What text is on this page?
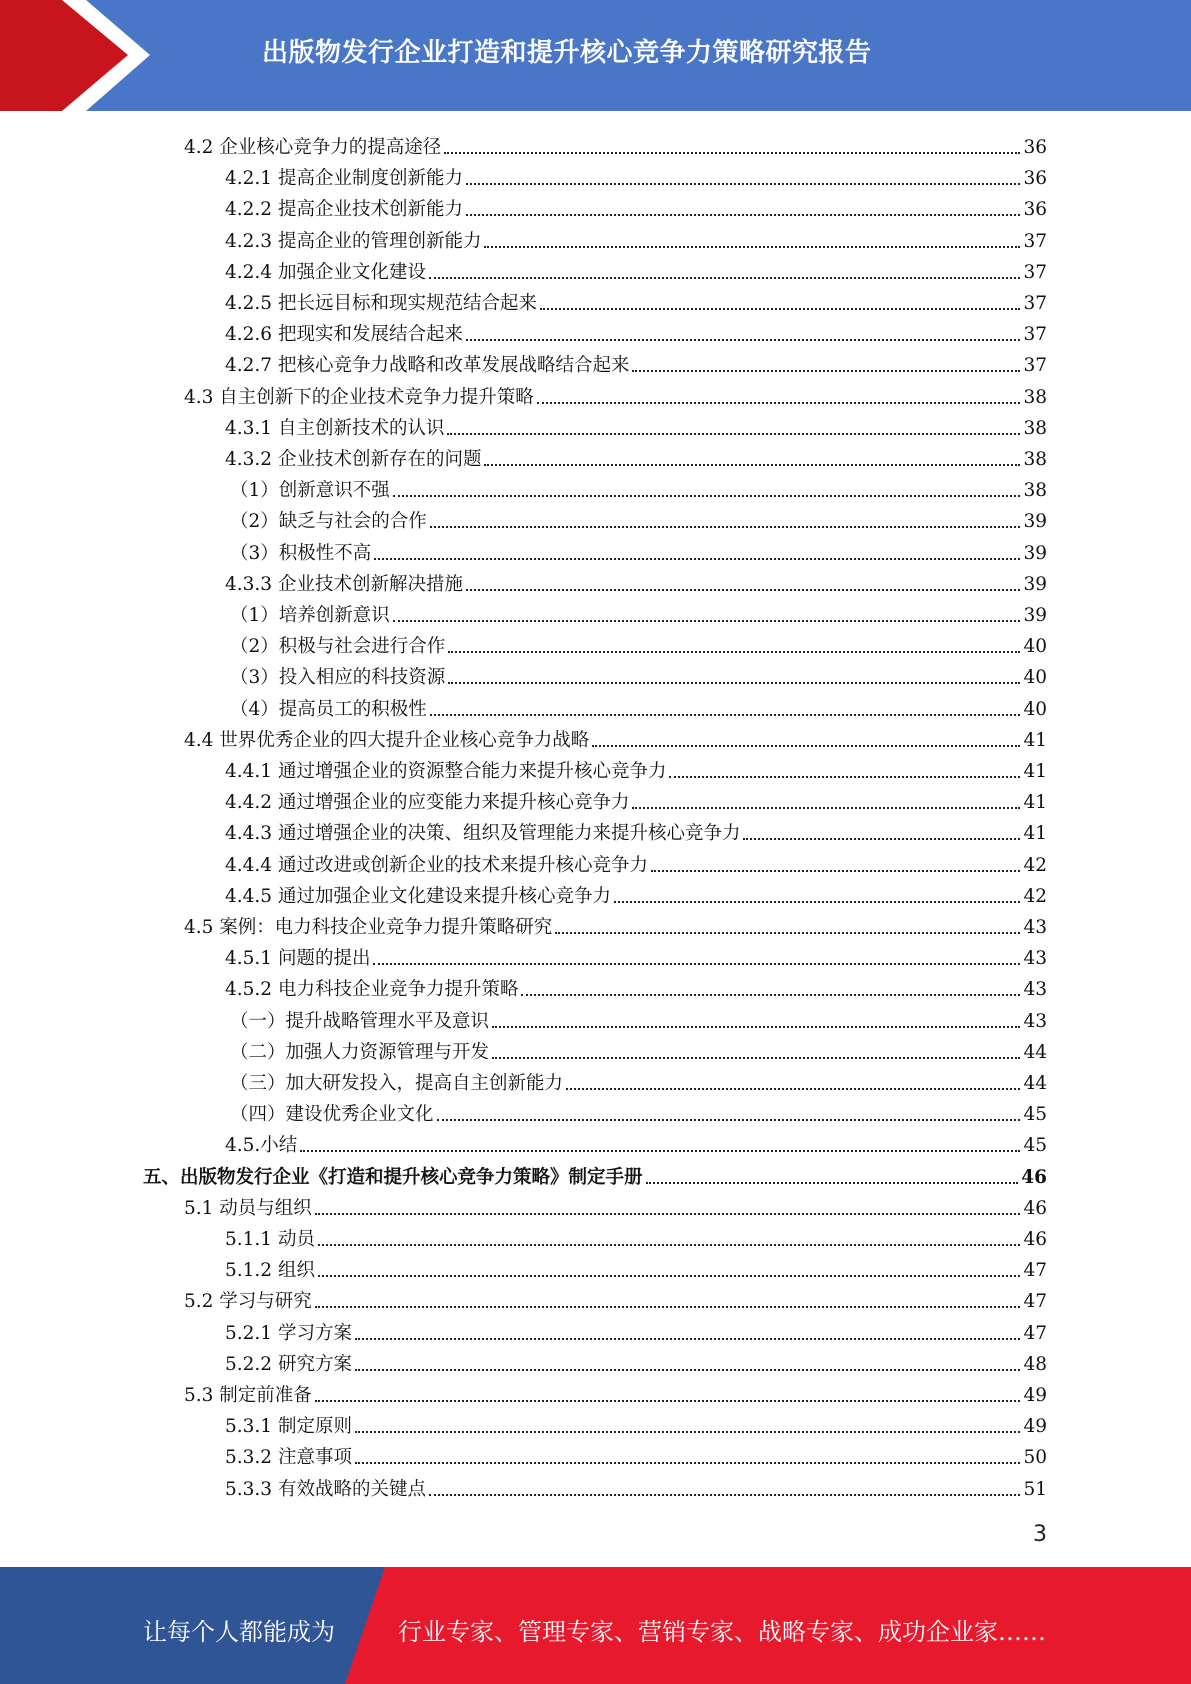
出版物发行企业打造和提升核心竞争力策略研究报告
4.2 企业核心竞争力的提高途径	36
4.2.1 提高企业制度创新能力	36
4.2.2 提高企业技术创新能力	36
4.2.3 提高企业的管理创新能力	37
4.2.4 加强企业文化建设	37
4.2.5 把长远目标和现实规范结合起来	37
4.2.6 把现实和发展结合起来	37
4.2.7 把核心竞争力战略和改革发展战略结合起来	37
4.3 自主创新下的企业技术竞争力提升策略	38
4.3.1 自主创新技术的认识	38
4.3.2 企业技术创新存在的问题	38
（1）创新意识不强	38
（2）缺乏与社会的合作	39
（3）积极性不高	39
4.3.3 企业技术创新解决措施	39
（1）培养创新意识	39
（2）积极与社会进行合作	40
（3）投入相应的科技资源	40
（4）提高员工的积极性	40
4.4 世界优秀企业的四大提升企业核心竞争力战略	41
4.4.1 通过增强企业的资源整合能力来提升核心竞争力	41
4.4.2 通过增强企业的应变能力来提升核心竞争力	41
4.4.3 通过增强企业的决策、组织及管理能力来提升核心竞争力	41
4.4.4 通过改进或创新企业的技术来提升核心竞争力	42
4.4.5 通过加强企业文化建设来提升核心竞争力	42
4.5 案例：电力科技企业竞争力提升策略研究	43
4.5.1 问题的提出	43
4.5.2 电力科技企业竞争力提升策略	43
（一）提升战略管理水平及意识	43
（二）加强人力资源管理与开发	44
（三）加大研发投入，提高自主创新能力	44
（四）建设优秀企业文化	45
4.5.小结	45
五、出版物发行企业《打造和提升核心竞争力策略》制定手册	46
5.1 动员与组织	46
5.1.1 动员	46
5.1.2 组织	47
5.2 学习与研究	47
5.2.1 学习方案	47
5.2.2 研究方案	48
5.3 制定前准备	49
5.3.1 制定原则	49
5.3.2 注意事项	50
5.3.3 有效战略的关键点	51
3
让每个人都能成为	行业专家、管理专家、营销专家、战略专家、成功企业家……
